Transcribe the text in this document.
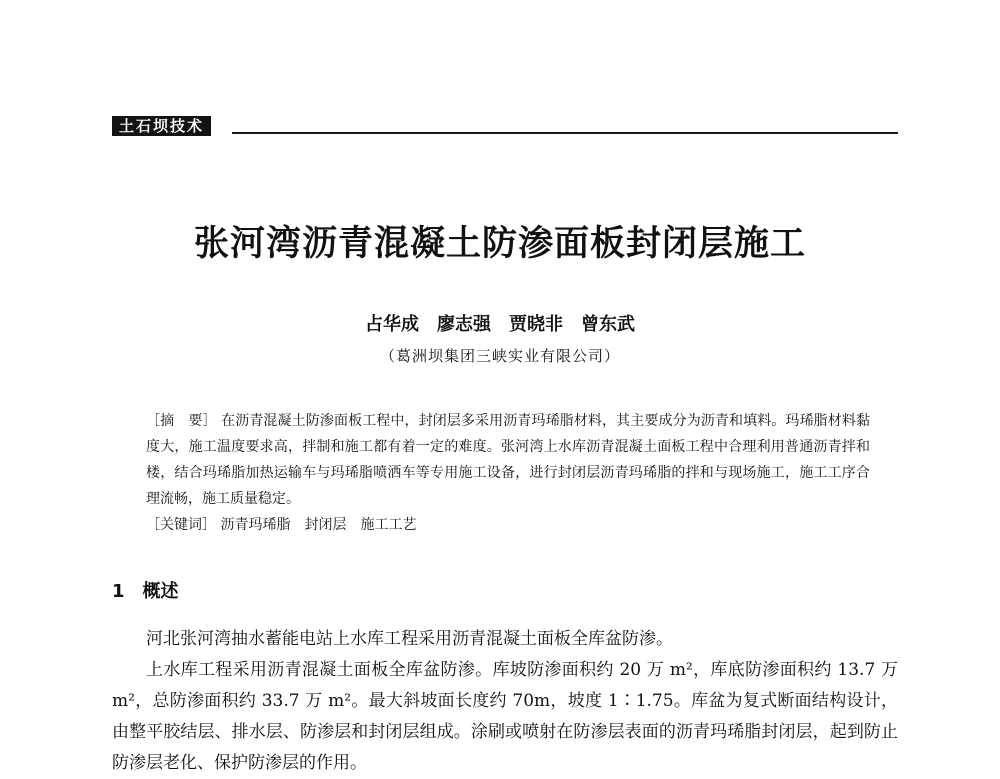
土石坝技术
张河湾沥青混凝土防渗面板封闭层施工
占华成　廖志强　贾晓非　曾东武
（葛洲坝集团三峡实业有限公司）

［摘　要］ 在沥青混凝土防渗面板工程中，封闭层多采用沥青玛琋脂材料，其主要成分为沥青和填料。玛琋脂材料黏度大，施工温度要求高，拌制和施工都有着一定的难度。张河湾上水库沥青混凝土面板工程中合理利用普通沥青拌和楼，结合玛琋脂加热运输车与玛琋脂喷洒车等专用施工设备，进行封闭层沥青玛琋脂的拌和与现场施工，施工工序合理流畅，施工质量稳定。

［关键词］ 沥青玛琋脂　封闭层　施工工艺

1　概述

河北张河湾抽水蓄能电站上水库工程采用沥青混凝土面板全库盆防渗。

上水库工程采用沥青混凝土面板全库盆防渗。库坡防渗面积约 20 万 m²，库底防渗面积约 13.7 万 m²，总防渗面积约 33.7 万 m²。最大斜坡面长度约 70m，坡度 1∶1.75。库盆为复式断面结构设计，由整平胶结层、排水层、防渗层和封闭层组成。涂刷或喷射在防渗层表面的沥青玛琋脂封闭层，起到防止防渗层老化、保护防渗层的作用。
